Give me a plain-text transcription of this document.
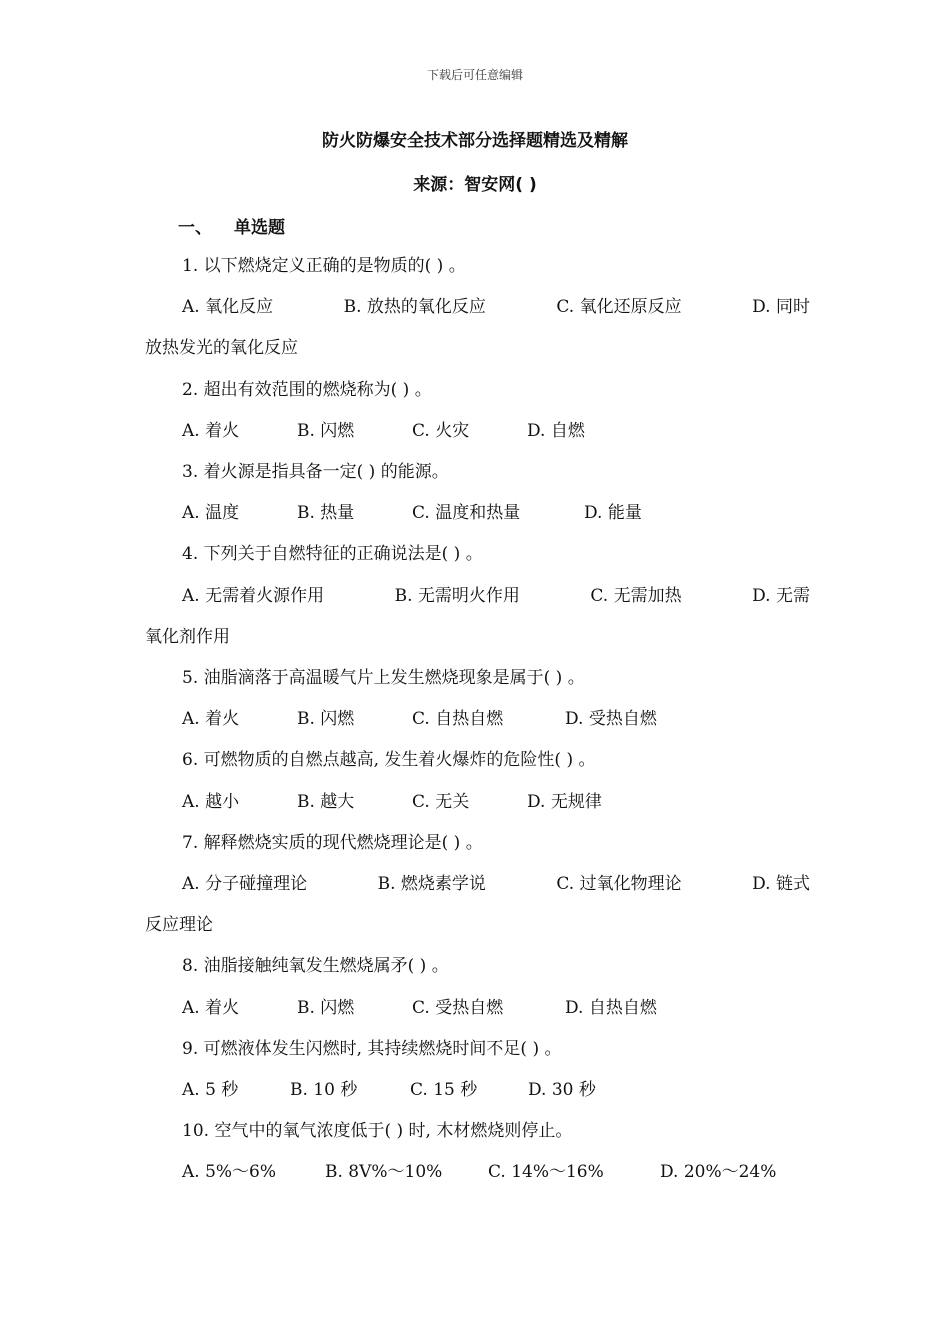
下载后可任意编辑
防火防爆安全技术部分选择题精选及精解
来源：智安网( )
一、 单选题
1. 以下燃烧定义正确的是物质的( ) 。
A. 氧化反应	B. 放热的氧化反应	C. 氧化还原反应	D. 同时
放热发光的氧化反应
2. 超出有效范围的燃烧称为( ) 。
A. 着火	B. 闪燃	C. 火灾	D. 自燃
3. 着火源是指具备一定( ) 的能源。
A. 温度	B. 热量	C. 温度和热量	D. 能量
4. 下列关于自燃特征的正确说法是( ) 。
A. 无需着火源作用	B. 无需明火作用	C. 无需加热	D. 无需
氧化剂作用
5. 油脂滴落于高温暖气片上发生燃烧现象是属于( ) 。
A. 着火	B. 闪燃	C. 自热自燃	D. 受热自燃
6. 可燃物质的自燃点越高, 发生着火爆炸的危险性( ) 。
A. 越小	B. 越大	C. 无关	D. 无规律
7. 解释燃烧实质的现代燃烧理论是( ) 。
A. 分子碰撞理论	B. 燃烧素学说	C. 过氧化物理论	D. 链式
反应理论
8. 油脂接触纯氧发生燃烧属矛( ) 。
A. 着火	B. 闪燃	C. 受热自燃	D. 自热自燃
9. 可燃液体发生闪燃时, 其持续燃烧时间不足( ) 。
A. 5 秒	B. 10 秒	C. 15 秒	D. 30 秒
10. 空气中的氧气浓度低于( ) 时, 木材燃烧则停止。
A. 5%～6%	B. 8V%～10%	C. 14%～16%	D. 20%～24%
